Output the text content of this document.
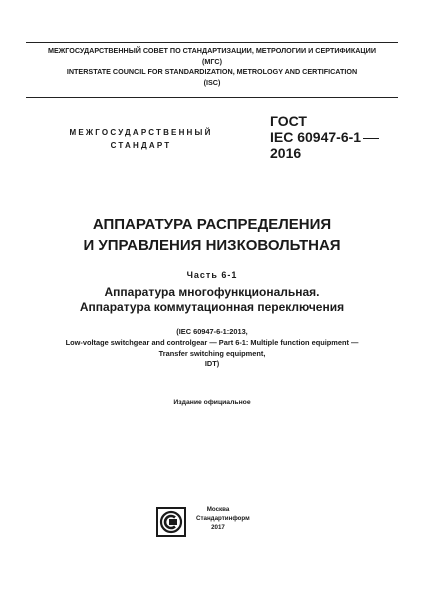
МЕЖГОСУДАРСТВЕННЫЙ СОВЕТ ПО СТАНДАРТИЗАЦИИ, МЕТРОЛОГИИ И СЕРТИФИКАЦИИ
(МГС)
INTERSTATE COUNCIL FOR STANDARDIZATION, METROLOGY AND CERTIFICATION
(ISC)
МЕЖГОСУДАРСТВЕННЫЙ
СТАНДАРТ
ГОСТ
IEC 60947-6-1
2016
АППАРАТУРА РАСПРЕДЕЛЕНИЯ
И УПРАВЛЕНИЯ НИЗКОВОЛЬТНАЯ
Часть 6-1
Аппаратура многофункциональная.
Аппаратура коммутационная переключения
(IEC 60947-6-1:2013,
Low-voltage switchgear and controlgear — Part 6-1: Multiple function equipment —
Transfer switching equipment,
IDT)
Издание официальное
Москва
Стандартинформ
2017
